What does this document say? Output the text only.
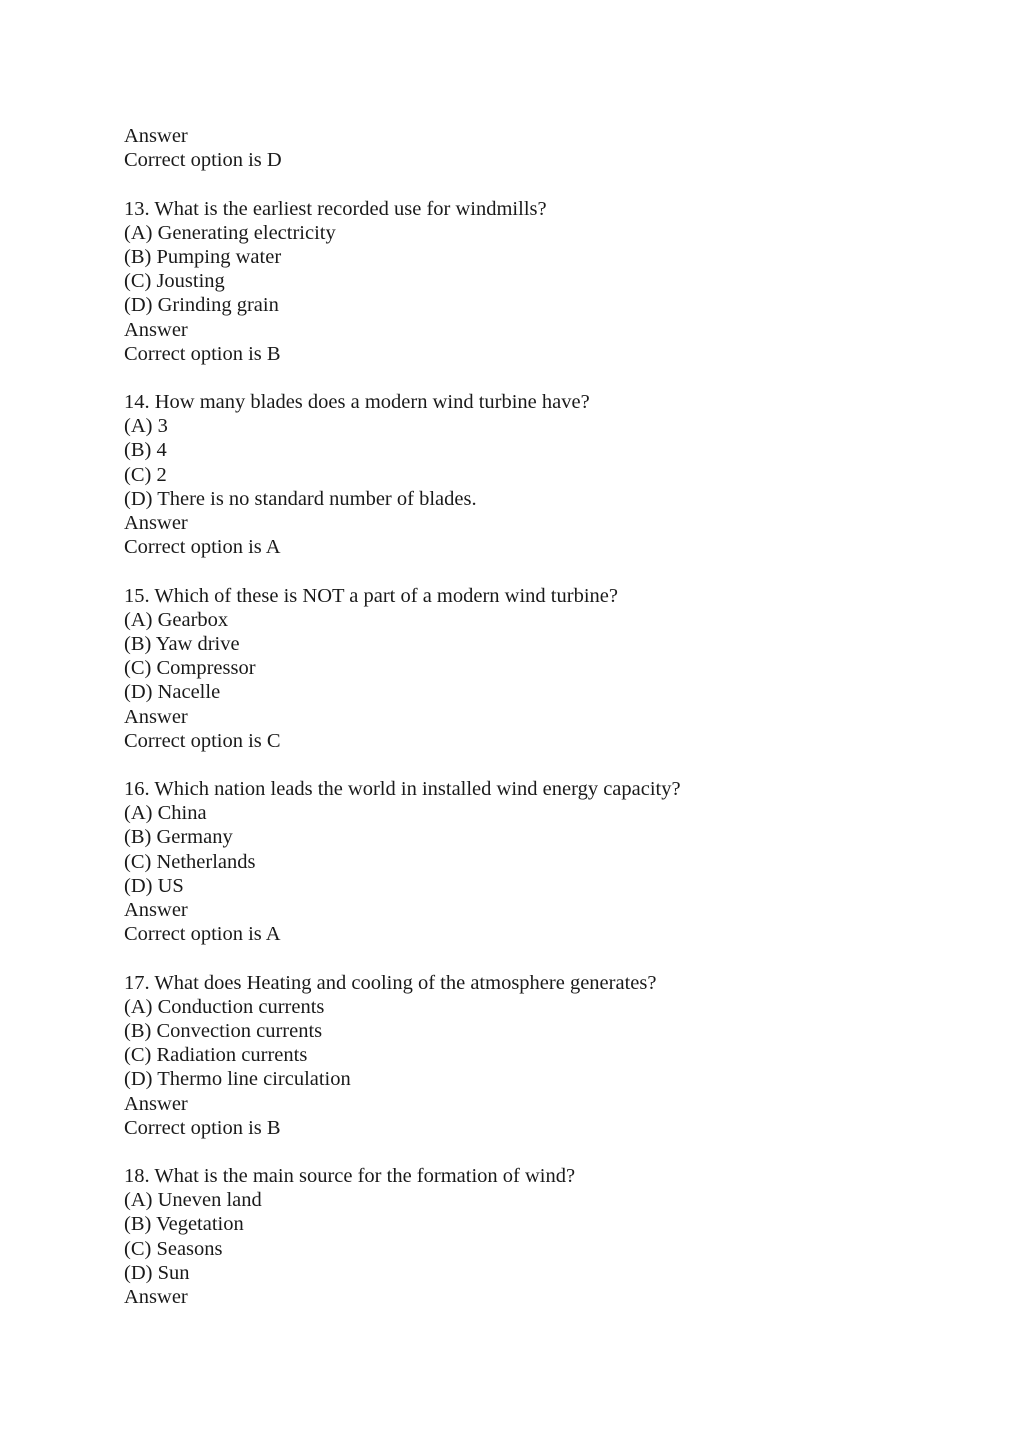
Answer
Correct option is D
13. What is the earliest recorded use for windmills?
(A) Generating electricity
(B) Pumping water
(C) Jousting
(D) Grinding grain
Answer
Correct option is B
14. How many blades does a modern wind turbine have?
(A) 3
(B) 4
(C) 2
(D) There is no standard number of blades.
Answer
Correct option is A
15. Which of these is NOT a part of a modern wind turbine?
(A) Gearbox
(B) Yaw drive
(C) Compressor
(D) Nacelle
Answer
Correct option is C
16. Which nation leads the world in installed wind energy capacity?
(A) China
(B) Germany
(C) Netherlands
(D) US
Answer
Correct option is A
17. What does Heating and cooling of the atmosphere generates?
(A) Conduction currents
(B) Convection currents
(C) Radiation currents
(D) Thermo line circulation
Answer
Correct option is B
18. What is the main source for the formation of wind?
(A) Uneven land
(B) Vegetation
(C) Seasons
(D) Sun
Answer
